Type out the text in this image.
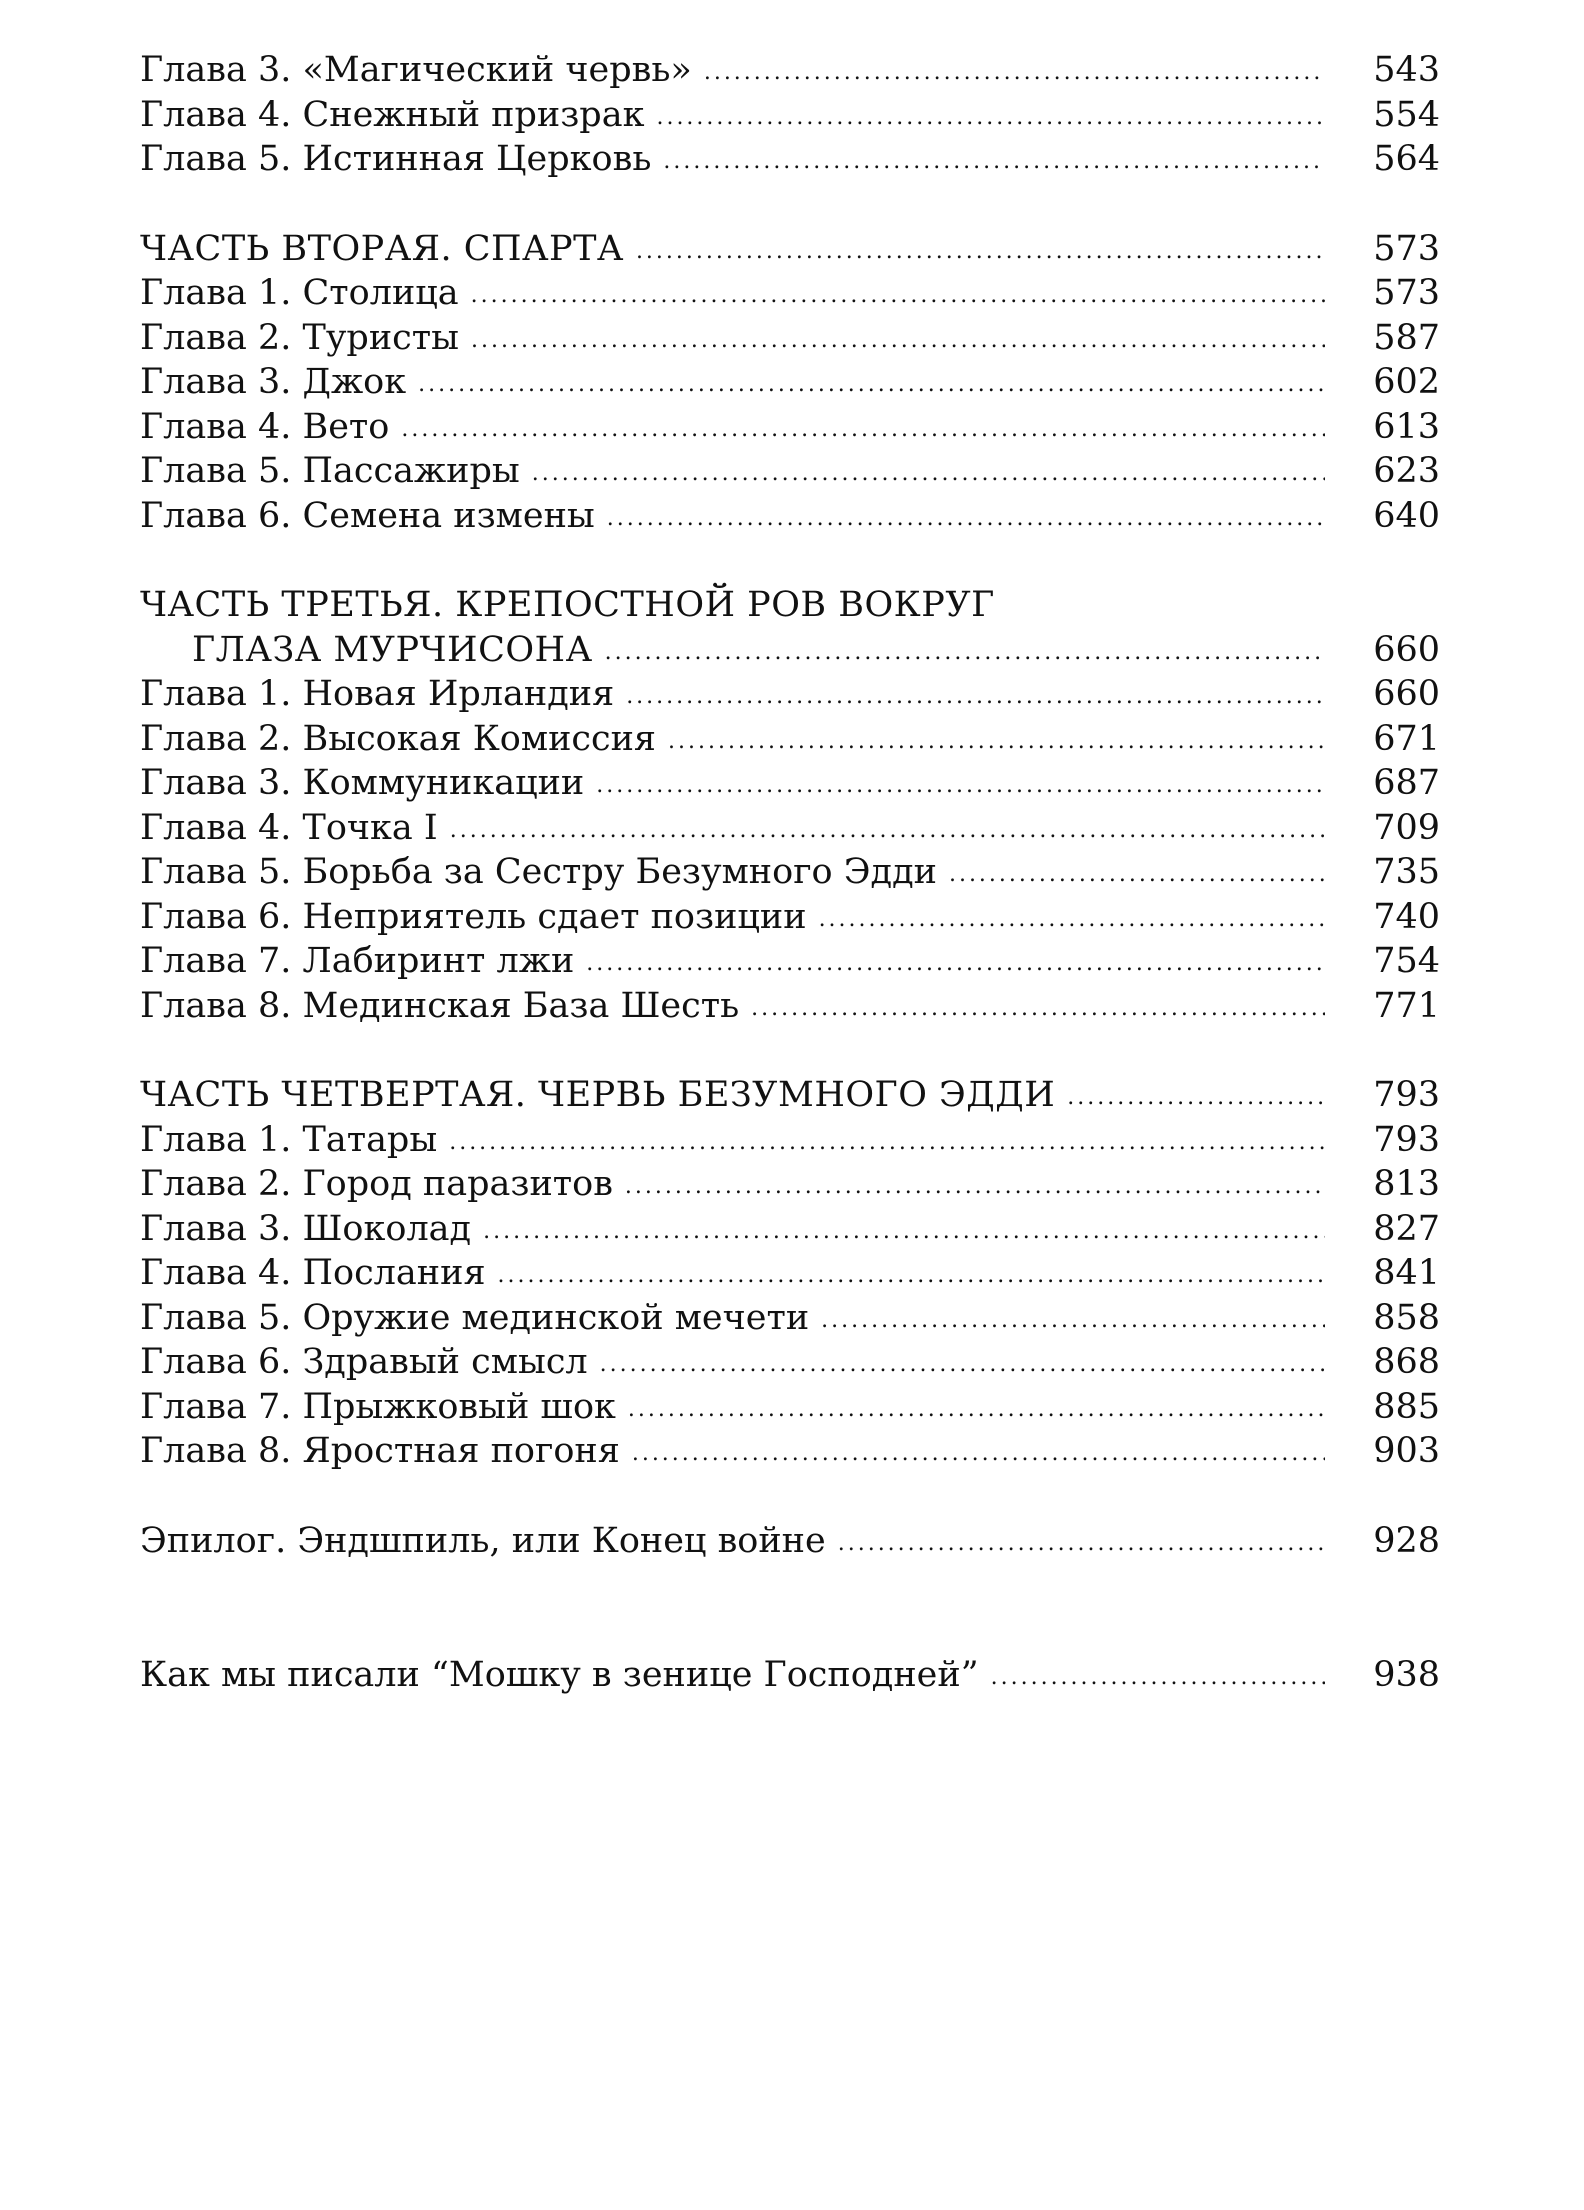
Глава 3. «Магический червь» .....	543
Глава 4. Снежный призрак .....	554
Глава 5. Истинная Церковь .....	564
ЧАСТЬ ВТОРАЯ. СПАРТА .....	573
Глава 1. Столица .....	573
Глава 2. Туристы .....	587
Глава 3. Джок .....	602
Глава 4. Вето .....	613
Глава 5. Пассажиры .....	623
Глава 6. Семена измены .....	640
ЧАСТЬ ТРЕТЬЯ. КРЕПОСТНОЙ РОВ ВОКРУГ
ГЛАЗА МУРЧИСОНА .....	660
Глава 1. Новая Ирландия .....	660
Глава 2. Высокая Комиссия .....	671
Глава 3. Коммуникации .....	687
Глава 4. Точка I .....	709
Глава 5. Борьба за Сестру Безумного Эдди .....	735
Глава 6. Неприятель сдает позиции .....	740
Глава 7. Лабиринт лжи .....	754
Глава 8. Мединская База Шесть .....	771
ЧАСТЬ ЧЕТВЕРТАЯ. ЧЕРВЬ БЕЗУМНОГО ЭДДИ .....	793
Глава 1. Татары .....	793
Глава 2. Город паразитов .....	813
Глава 3. Шоколад .....	827
Глава 4. Послания .....	841
Глава 5. Оружие мединской мечети .....	858
Глава 6. Здравый смысл .....	868
Глава 7. Прыжковый шок .....	885
Глава 8. Яростная погоня .....	903
Эпилог. Эндшпиль, или Конец войне .....	928
Как мы писали “Мошку в зенице Господней” .....	938
